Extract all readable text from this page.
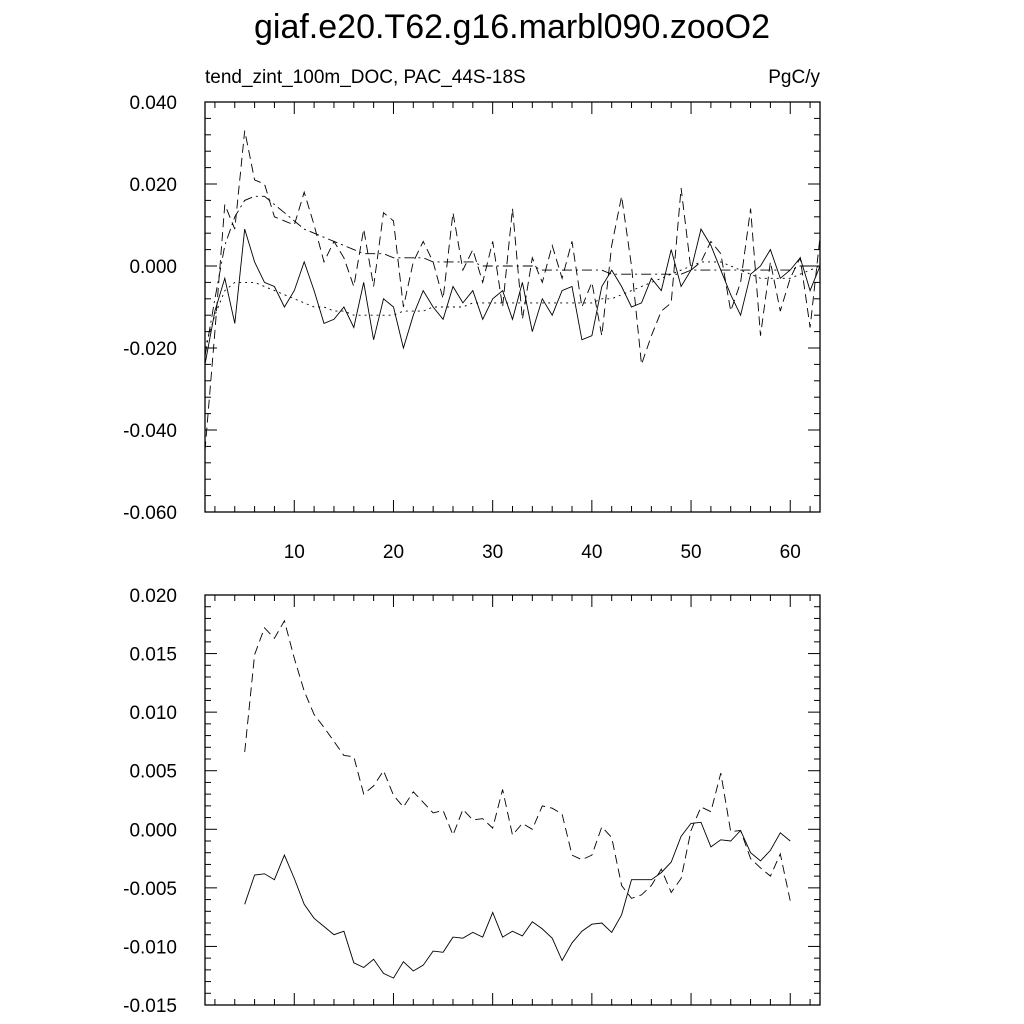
giaf.e20.T62.g16.marbl090.zooO2
tend_zint_100m_DOC, PAC_44S-18S	PgC/y
-0.060
-0.040
-0.020
0.000
0.020
0.040
10	20	30	40	50	60
-0.015
-0.010
-0.005
0.000
0.005
0.010
0.015
0.020
